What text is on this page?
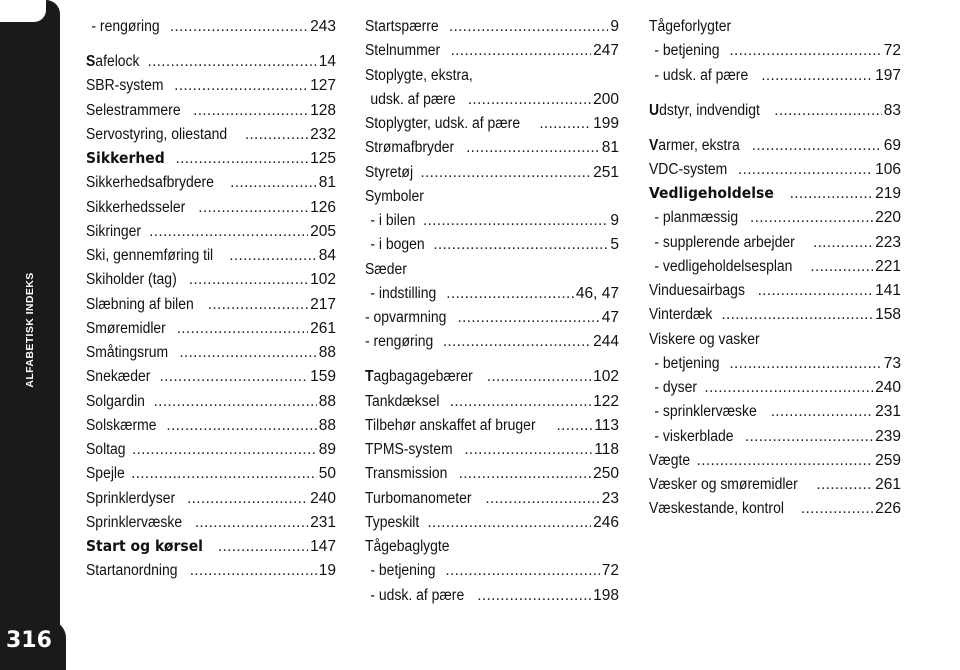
ALFABETISK INDEKS
316
- rengøring .....	243
Safelock .....	14
SBR-system .....	127
Selestrammere .....	128
Servostyring, oliestand .....	232
Sikkerhed .....	125
Sikkerhedsafbrydere .....	81
Sikkerhedsseler .....	126
Sikringer .....	205
Ski, gennemføring til .....	84
Skiholder (tag) .....	102
Slæbning af bilen .....	217
Smøremidler .....	261
Småtingsrum .....	88
Snekæder .....	159
Solgardin .....	88
Solskærme .....	88
Soltag .....	89
Spejle .....	50
Sprinklerdyser .....	240
Sprinklervæske .....	231
Start og kørsel .....	147
Startanordning .....	19
Startspærre .....	9
Stelnummer .....	247
Stoplygte, ekstra,
udsk. af pære .....	200
Stoplygter, udsk. af pære .....	199
Strømafbryder .....	81
Styretøj .....	251
Symboler
- i bilen .....	9
- i bogen .....	5
Sæder
- indstilling .....	46, 47
- opvarmning .....	47
- rengøring .....	244
Tagbagagebærer .....	102
Tankdæksel .....	122
Tilbehør anskaffet af bruger .....	113
TPMS-system .....	118
Transmission .....	250
Turbomanometer .....	23
Typeskilt .....	246
Tågebaglygte
- betjening .....	72
- udsk. af pære .....	198
Tågeforlygter
- betjening .....	72
- udsk. af pære .....	197
Udstyr, indvendigt .....	83
Varmer, ekstra .....	69
VDC-system .....	106
Vedligeholdelse .....	219
- planmæssig .....	220
- supplerende arbejder .....	223
- vedligeholdelsesplan .....	221
Vinduesairbags .....	141
Vinterdæk .....	158
Viskere og vasker
- betjening .....	73
- dyser .....	240
- sprinklervæske .....	231
- viskerblade .....	239
Vægte .....	259
Væsker og smøremidler .....	261
Væskestande, kontrol .....	226
